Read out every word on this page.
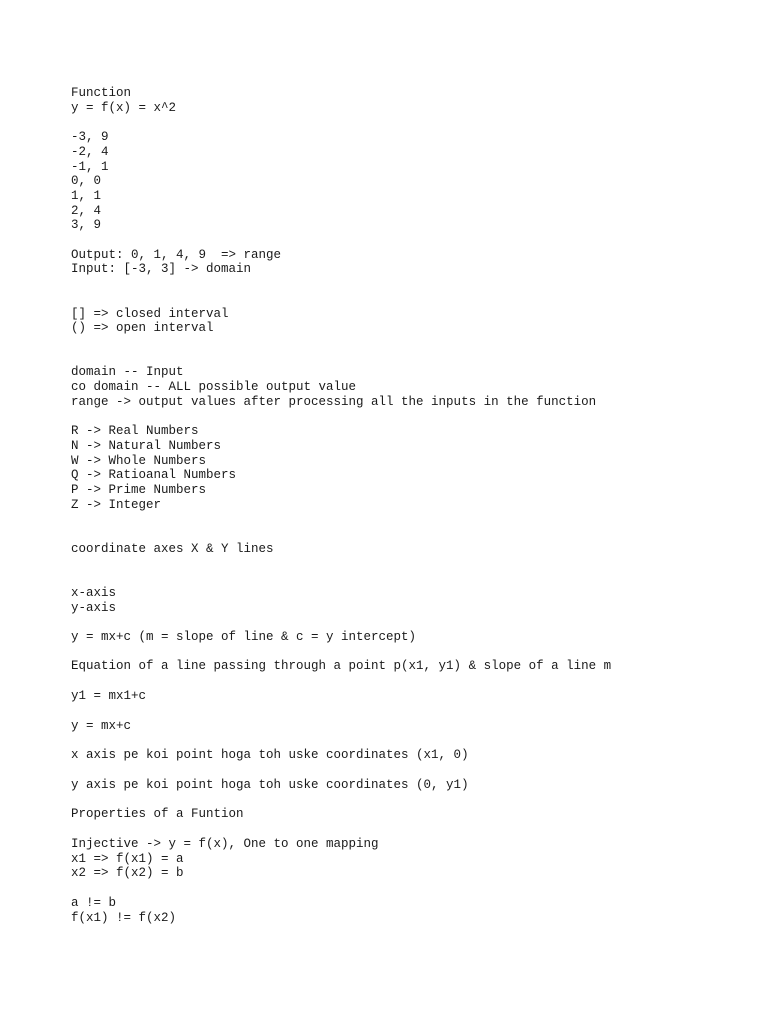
Function
y = f(x) = x^2
-3, 9
-2, 4
-1, 1
0, 0
1, 1
2, 4
3, 9
Output: 0, 1, 4, 9  => range
Input: [-3, 3] -> domain
[] => closed interval
() => open interval
domain -- Input
co domain -- ALL possible output value
range -> output values after processing all the inputs in the function
R -> Real Numbers
N -> Natural Numbers
W -> Whole Numbers
Q -> Ratioanal Numbers
P -> Prime Numbers
Z -> Integer
coordinate axes X & Y lines
x-axis
y-axis
y = mx+c (m = slope of line & c = y intercept)
Equation of a line passing through a point p(x1, y1) & slope of a line m
y1 = mx1+c
y = mx+c
x axis pe koi point hoga toh uske coordinates (x1, 0)
y axis pe koi point hoga toh uske coordinates (0, y1)
Properties of a Funtion
Injective -> y = f(x), One to one mapping
x1 => f(x1) = a
x2 => f(x2) = b
a != b
f(x1) != f(x2)
